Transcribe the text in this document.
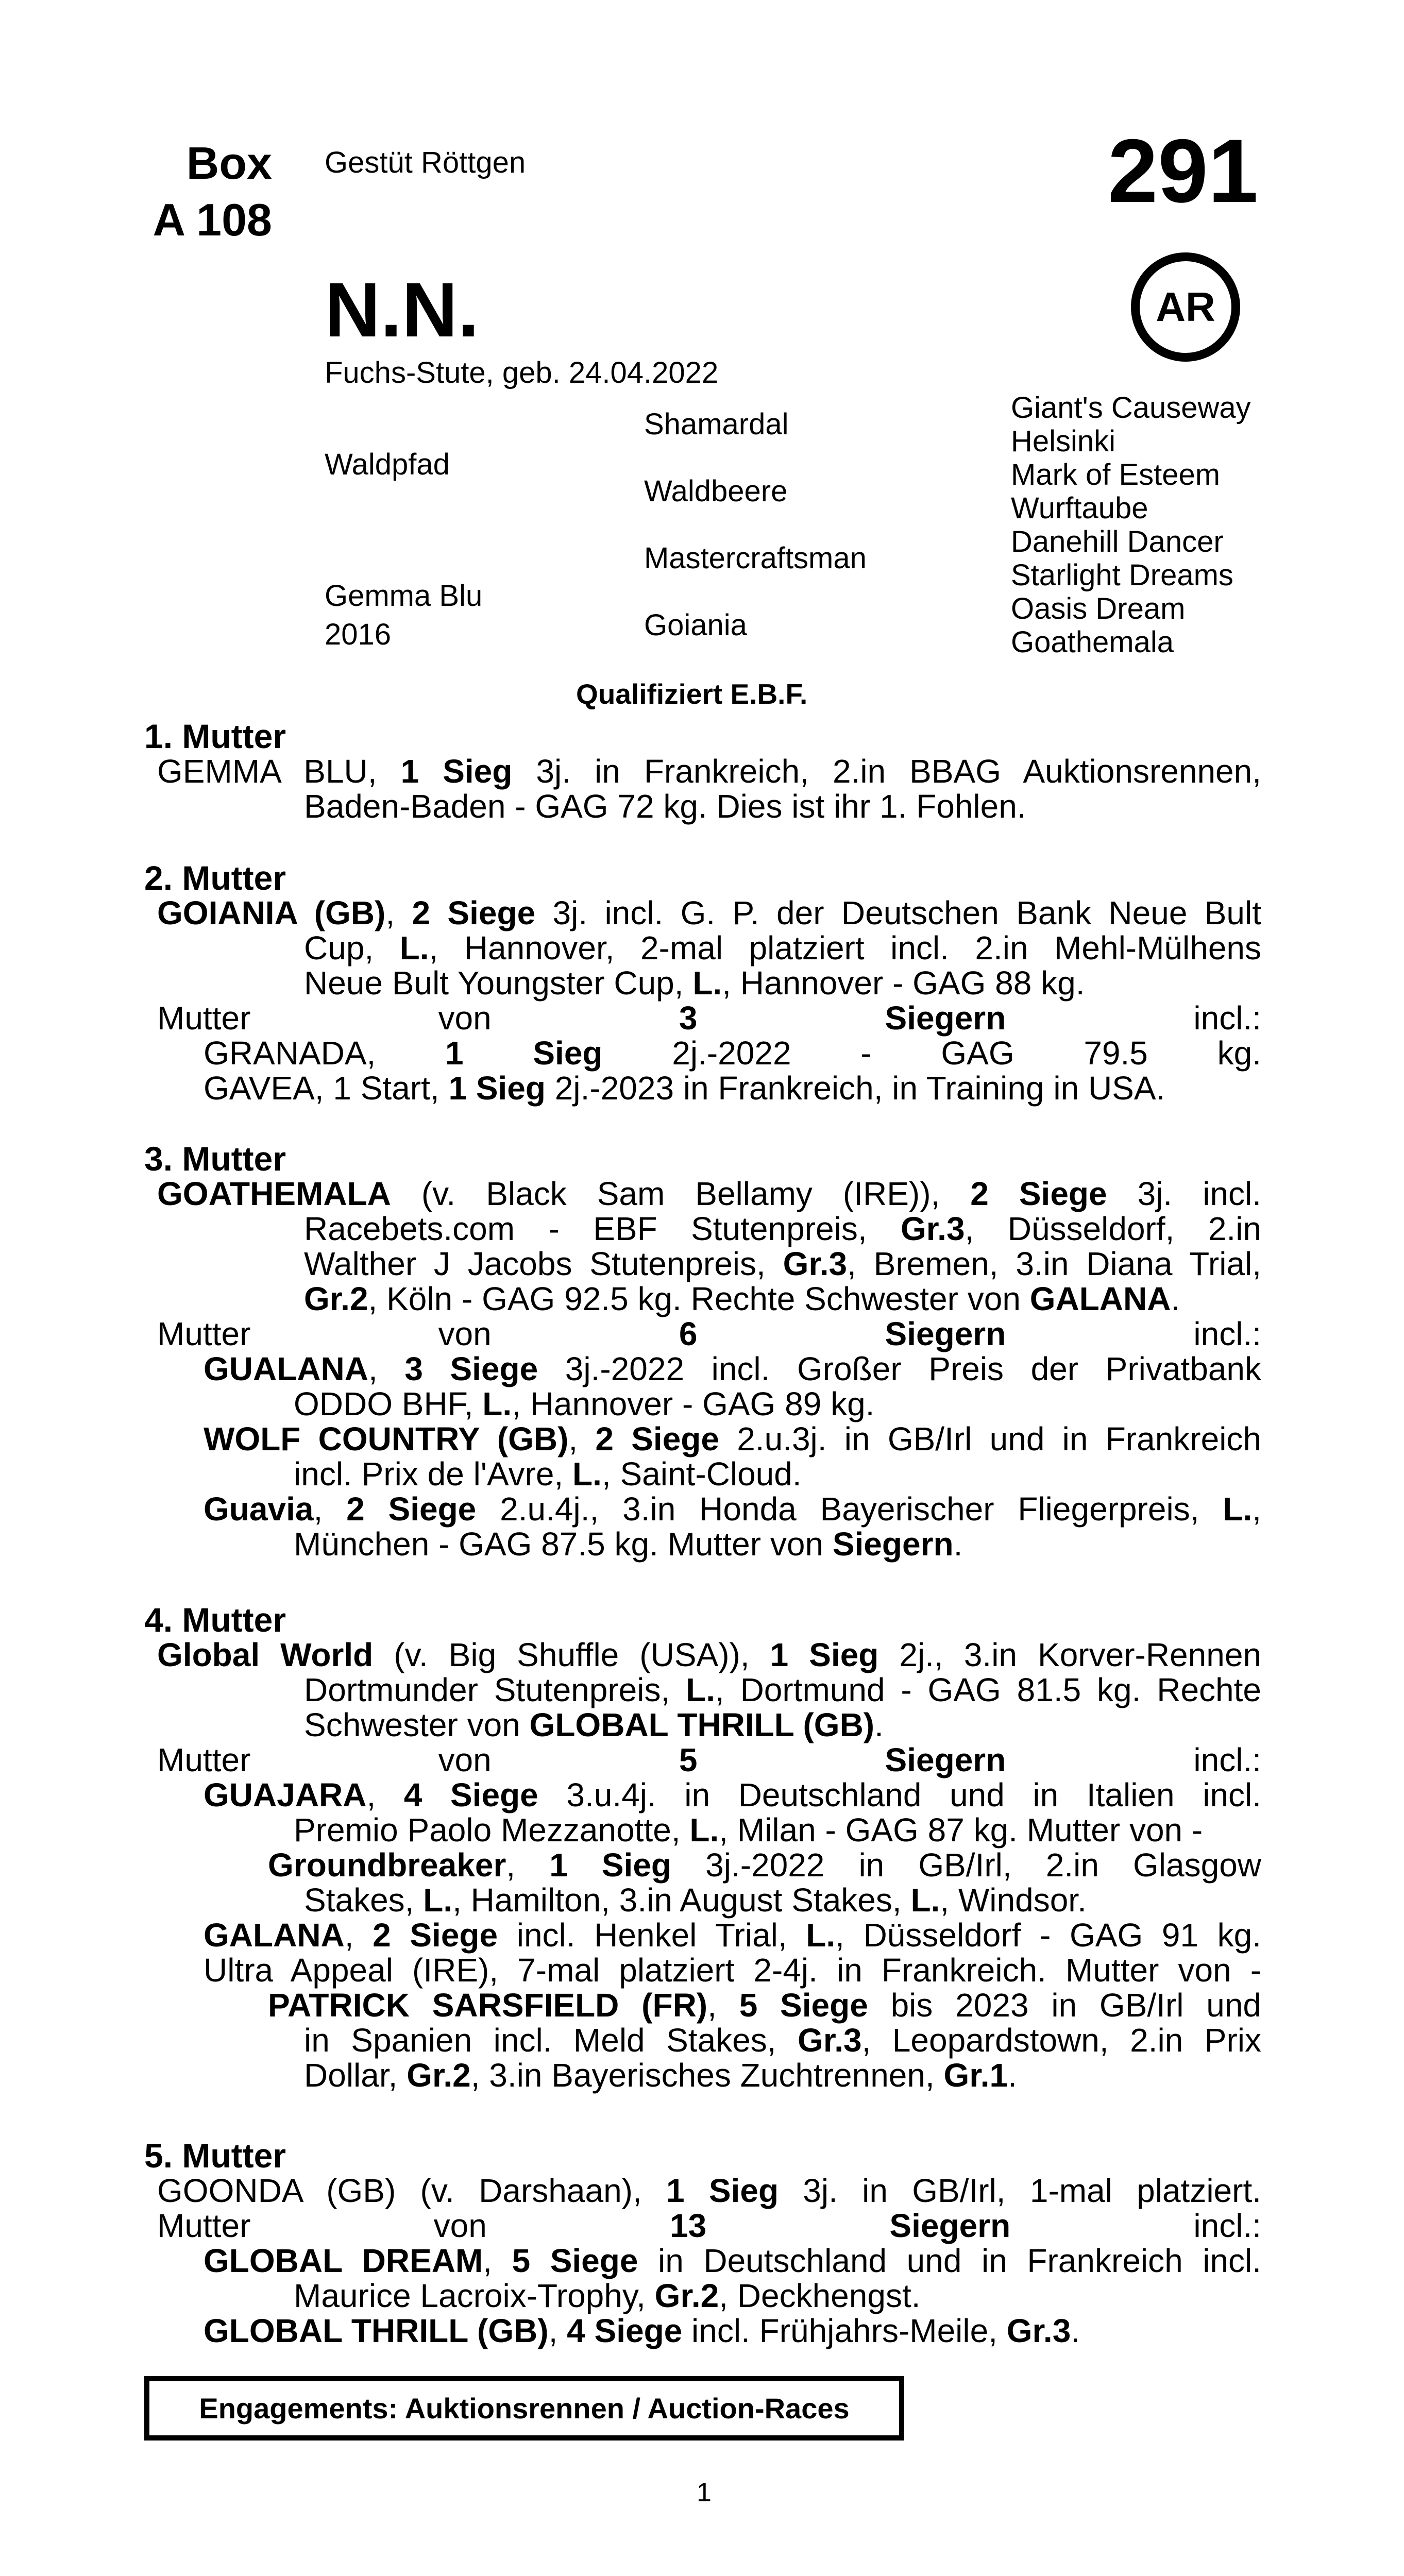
Box
A 108
Gestüt Röttgen	291
AR
N.N.
Fuchs-Stute, geb. 24.04.2022
Waldpfad
Gemma Blu
2016
Shamardal
Waldbeere
Mastercraftsman
Goiania
Giant's Causeway
Helsinki
Mark of Esteem
Wurftaube
Danehill Dancer
Starlight Dreams
Oasis Dream
Goathemala
Qualifiziert E.B.F.
1. Mutter
GEMMA BLU, 1 Sieg 3j. in Frankreich, 2.in BBAG Auktionsrennen,
Baden-Baden - GAG 72 kg. Dies ist ihr 1. Fohlen.
2. Mutter
GOIANIA (GB), 2 Siege 3j. incl. G. P. der Deutschen Bank Neue Bult
Cup, L., Hannover, 2-mal platziert incl. 2.in Mehl-Mülhens
Neue Bult Youngster Cup, L., Hannover - GAG 88 kg.
Mutter von 3 Siegern incl.:
GRANADA, 1 Sieg 2j.-2022 - GAG 79.5 kg.
GAVEA, 1 Start, 1 Sieg 2j.-2023 in Frankreich, in Training in USA.
3. Mutter
GOATHEMALA (v. Black Sam Bellamy (IRE)), 2 Siege 3j. incl.
Racebets.com - EBF Stutenpreis, Gr.3, Düsseldorf, 2.in
Walther J Jacobs Stutenpreis, Gr.3, Bremen, 3.in Diana Trial,
Gr.2, Köln - GAG 92.5 kg. Rechte Schwester von GALANA.
Mutter von 6 Siegern incl.:
GUALANA, 3 Siege 3j.-2022 incl. Großer Preis der Privatbank
ODDO BHF, L., Hannover - GAG 89 kg.
WOLF COUNTRY (GB), 2 Siege 2.u.3j. in GB/Irl und in Frankreich
incl. Prix de l'Avre, L., Saint-Cloud.
Guavia, 2 Siege 2.u.4j., 3.in Honda Bayerischer Fliegerpreis, L.,
München - GAG 87.5 kg. Mutter von Siegern.
4. Mutter
Global World (v. Big Shuffle (USA)), 1 Sieg 2j., 3.in Korver-Rennen
Dortmunder Stutenpreis, L., Dortmund - GAG 81.5 kg. Rechte
Schwester von GLOBAL THRILL (GB).
Mutter von 5 Siegern incl.:
GUAJARA, 4 Siege 3.u.4j. in Deutschland und in Italien incl.
Premio Paolo Mezzanotte, L., Milan - GAG 87 kg. Mutter von -
Groundbreaker, 1 Sieg 3j.-2022 in GB/Irl, 2.in Glasgow
Stakes, L., Hamilton, 3.in August Stakes, L., Windsor.
GALANA, 2 Siege incl. Henkel Trial, L., Düsseldorf - GAG 91 kg.
Ultra Appeal (IRE), 7-mal platziert 2-4j. in Frankreich. Mutter von -
PATRICK SARSFIELD (FR), 5 Siege bis 2023 in GB/Irl und
in Spanien incl. Meld Stakes, Gr.3, Leopardstown, 2.in Prix
Dollar, Gr.2, 3.in Bayerisches Zuchtrennen, Gr.1.
5. Mutter
GOONDA (GB) (v. Darshaan), 1 Sieg 3j. in GB/Irl, 1-mal platziert.
Mutter von 13 Siegern incl.:
GLOBAL DREAM, 5 Siege in Deutschland und in Frankreich incl.
Maurice Lacroix-Trophy, Gr.2, Deckhengst.
GLOBAL THRILL (GB), 4 Siege incl. Frühjahrs-Meile, Gr.3.
Engagements: Auktionsrennen / Auction-Races
1
